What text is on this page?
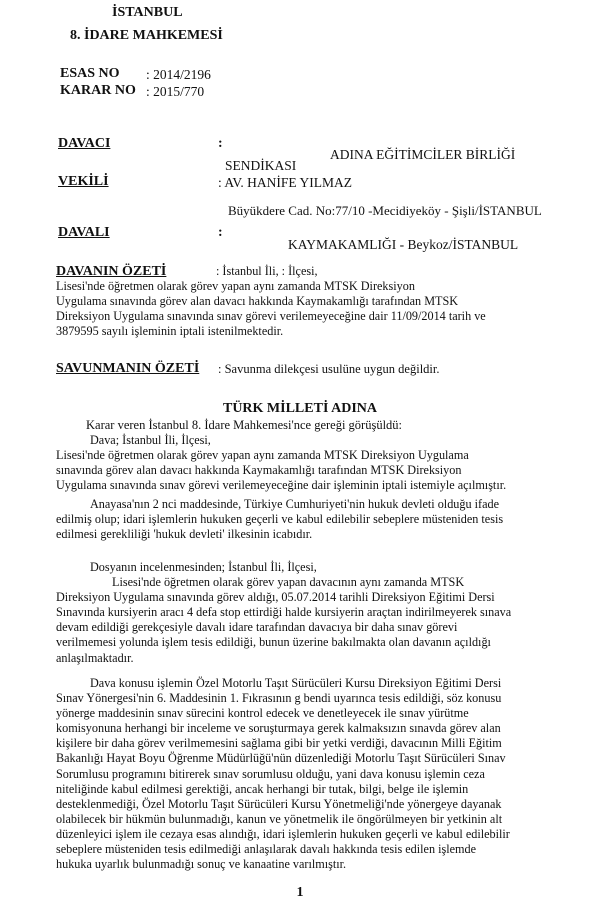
İSTANBUL
8. İDARE MAHKEMESİ
ESAS NO : 2014/2196
KARAR NO : 2015/770
DAVACI	:
ADINA EĞİTİMCİLER BİRLİĞİ
SENDİKASI
VEKİLİ	: AV. HANİFE YILMAZ
Büyükdere Cad. No:77/10 -Mecidiyeköy - Şişli/İSTANBUL
DAVALI	:
KAYMAKAMLIĞI - Beykoz/İSTANBUL
DAVANIN ÖZETİ	: İstanbul İli, : İlçesi,
Lisesi'nde öğretmen olarak görev yapan aynı zamanda MTSK Direksiyon
Uygulama sınavında görev alan davacı hakkında Kaymakamlığı tarafından MTSK
Direksiyon Uygulama sınavında sınav görevi verilemeyeceğine dair 11/09/2014 tarih ve
3879595 sayılı işleminin iptali istenilmektedir.
SAVUNMANIN ÖZETİ : Savunma dilekçesi usulüne uygun değildir.
TÜRK MİLLETİ ADINA
Karar veren İstanbul 8. İdare Mahkemesi'nce gereği görüşüldü:
Dava; İstanbul İli, İlçesi,
Lisesi'nde öğretmen olarak görev yapan aynı zamanda MTSK Direksiyon Uygulama
sınavında görev alan davacı hakkında Kaymakamlığı tarafından MTSK Direksiyon
Uygulama sınavında sınav görevi verilemeyeceğine dair işleminin iptali istemiyle açılmıştır.
Anayasa'nın 2 nci maddesinde, Türkiye Cumhuriyeti'nin hukuk devleti olduğu ifade
edilmiş olup; idari işlemlerin hukuken geçerli ve kabul edilebilir sebeplere müsteniden tesis
edilmesi gerekliliği 'hukuk devleti' ilkesinin icabıdır.
Dosyanın incelenmesinden; İstanbul İli, İlçesi,
Lisesi'nde öğretmen olarak görev yapan davacının aynı zamanda MTSK
Direksiyon Uygulama sınavında görev aldığı, 05.07.2014 tarihli Direksiyon Eğitimi Dersi
Sınavında kursiyerin aracı 4 defa stop ettirdiği halde kursiyerin araçtan indirilmeyerek sınava
devam edildiği gerekçesiyle davalı idare tarafından davacıya bir daha sınav görevi
verilmemesi yolunda işlem tesis edildiği, bunun üzerine bakılmakta olan davanın açıldığı
anlaşılmaktadır.
Dava konusu işlemin Özel Motorlu Taşıt Sürücüleri Kursu Direksiyon Eğitimi Dersi
Sınav Yönergesi'nin 6. Maddesinin 1. Fıkrasının g bendi uyarınca tesis edildiği, söz konusu
yönerge maddesinin sınav sürecini kontrol edecek ve denetleyecek ile sınav yürütme
komisyonuna herhangi bir inceleme ve soruşturmaya gerek kalmaksızın sınavda görev alan
kişilere bir daha görev verilmemesini sağlama gibi bir yetki verdiği, davacının Milli Eğitim
Bakanlığı Hayat Boyu Öğrenme Müdürlüğü'nün düzenlediği Motorlu Taşıt Sürücüleri Sınav
Sorumlusu programını bitirerek sınav sorumlusu olduğu, yani dava konusu işlemin ceza
niteliğinde kabul edilmesi gerektiği, ancak herhangi bir tutak, bilgi, belge ile işlemin
desteklenmediği, Özel Motorlu Taşıt Sürücüleri Kursu Yönetmeliği'nde yönergeye dayanak
olabilecek bir hükmün bulunmadığı, kanun ve yönetmelik ile öngörülmeyen bir yetkinin alt
düzenleyici işlem ile cezaya esas alındığı, idari işlemlerin hukuken geçerli ve kabul edilebilir
sebeplere müsteniden tesis edilmediği anlaşılarak davalı hakkında tesis edilen işlemde
hukuka uyarlık bulunmadığı sonuç ve kanaatine varılmıştır.
1
